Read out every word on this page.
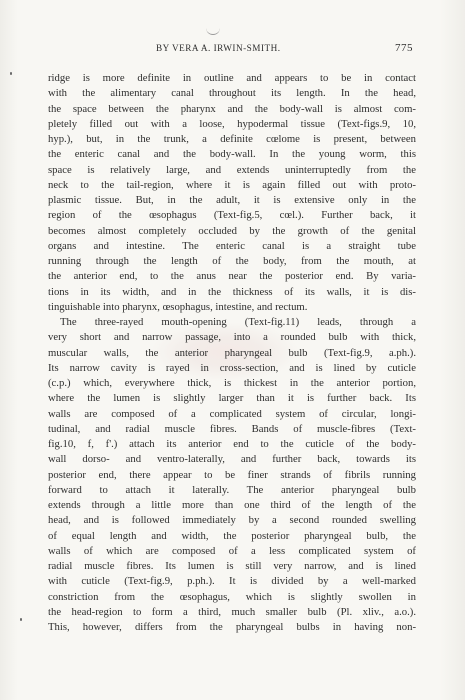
BY VERA A. IRWIN-SMITH.	775
ridge is more definite in outline and appears to be in contact
with the alimentary canal throughout its length. In the head,
the space between the pharynx and the body-wall is almost com-
pletely filled out with a loose, hypodermal tissue (Text-figs.9, 10,
hyp.), but, in the trunk, a definite cœlome is present, between
the enteric canal and the body-wall. In the young worm, this
space is relatively large, and extends uninterruptedly from the
neck to the tail-region, where it is again filled out with proto-
plasmic tissue. But, in the adult, it is extensive only in the
region of the œsophagus (Text-fig.5, cœl.). Further back, it
becomes almost completely occluded by the growth of the genital
organs and intestine. The enteric canal is a straight tube
running through the length of the body, from the mouth, at
the anterior end, to the anus near the posterior end. By varia-
tions in its width, and in the thickness of its walls, it is dis-
tinguishable into pharynx, œsophagus, intestine, and rectum.
The three-rayed mouth-opening (Text-fig.11) leads, through a
very short and narrow passage, into a rounded bulb with thick,
muscular walls, the anterior pharyngeal bulb (Text-fig.9, a.ph.).
Its narrow cavity is rayed in cross-section, and is lined by cuticle
(c.p.) which, everywhere thick, is thickest in the anterior portion,
where the lumen is slightly larger than it is further back. Its
walls are composed of a complicated system of circular, longi-
tudinal, and radial muscle fibres. Bands of muscle-fibres (Text-
fig.10, f, f'.) attach its anterior end to the cuticle of the body-
wall dorso- and ventro-laterally, and further back, towards its
posterior end, there appear to be finer strands of fibrils running
forward to attach it laterally. The anterior pharyngeal bulb
extends through a little more than one third of the length of the
head, and is followed immediately by a second rounded swelling
of equal length and width, the posterior pharyngeal bulb, the
walls of which are composed of a less complicated system of
radial muscle fibres. Its lumen is still very narrow, and is lined
with cuticle (Text-fig.9, p.ph.). It is divided by a well-marked
constriction from the œsophagus, which is slightly swollen in
the head-region to form a third, much smaller bulb (Pl. xliv., a.o.).
This, however, differs from the pharyngeal bulbs in having non-
